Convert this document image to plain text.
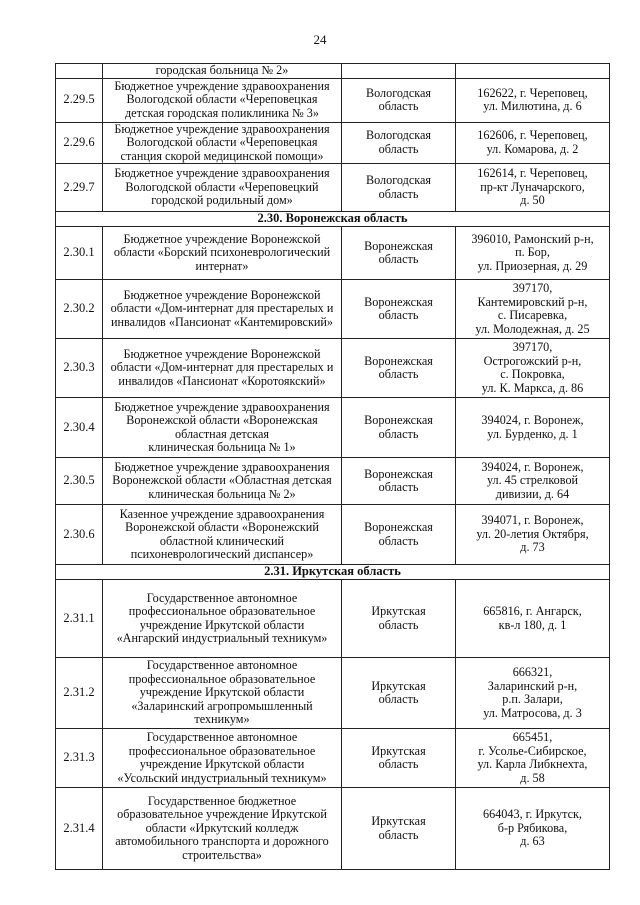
24

	городская больница № 2»		

2.29.5	Бюджетное учреждение здравоохранения
Вологодской области «Череповецкая
детская городская поликлиника № 3»	Вологодская
область	162622, г. Череповец,
ул. Милютина, д. 6

2.29.6	Бюджетное учреждение здравоохранения
Вологодской области «Череповецкая
станция скорой медицинской помощи»	Вологодская
область	162606, г. Череповец,
ул. Комарова, д. 2

2.29.7	Бюджетное учреждение здравоохранения
Вологодской области «Череповецкий
городской родильный дом»	Вологодская
область	162614, г. Череповец,
пр-кт Луначарского,
д. 50

2.30. Воронежская область			
2.30.1	Бюджетное учреждение Воронежской
области «Борский психоневрологический
интернат»	Воронежская
область	396010, Рамонский р-н,
п. Бор,
ул. Приозерная, д. 29

2.30.2	Бюджетное учреждение Воронежской
области «Дом-интернат для престарелых и
инвалидов «Пансионат «Кантемировский»	Воронежская
область	397170,
Кантемировский р-н,
с. Писаревка,
ул. Молодежная, д. 25

2.30.3	Бюджетное учреждение Воронежской
области «Дом-интернат для престарелых и
инвалидов «Пансионат «Коротоякский»	Воронежская
область	397170,
Острогожский р-н,
с. Покровка,
ул. К. Маркса, д. 86

2.30.4	Бюджетное учреждение здравоохранения
Воронежской области «Воронежская
областная детская
клиническая больница № 1»	Воронежская
область	394024, г. Воронеж,
ул. Бурденко, д. 1

2.30.5	Бюджетное учреждение здравоохранения
Воронежской области «Областная детская
клиническая больница № 2»	Воронежская
область	394024, г. Воронеж,
ул. 45 стрелковой
дивизии, д. 64

2.30.6	Казенное учреждение здравоохранения
Воронежской области «Воронежский
областной клинический
психоневрологический диспансер»	Воронежская
область	394071, г. Воронеж,
ул. 20-летия Октября,
д. 73

2.31. Иркутская область			
2.31.1	Государственное автономное
профессиональное образовательное
учреждение Иркутской области
«Ангарский индустриальный техникум»	Иркутская
область	665816, г. Ангарск,
кв-л 180, д. 1

2.31.2	Государственное автономное
профессиональное образовательное
учреждение Иркутской области
«Заларинский агропромышленный
техникум»	Иркутская
область	666321,
Заларинский р-н,
р.п. Залари,
ул. Матросова, д. 3

2.31.3	Государственное автономное
профессиональное образовательное
учреждение Иркутской области
«Усольский индустриальный техникум»	Иркутская
область	665451,
г. Усолье-Сибирское,
ул. Карла Либкнехта,
д. 58

2.31.4	Государственное бюджетное
образовательное учреждение Иркутской
области «Иркутский колледж
автомобильного транспорта и дорожного
строительства»	Иркутская
область	664043, г. Иркутск,
б-р Рябикова,
д. 63
